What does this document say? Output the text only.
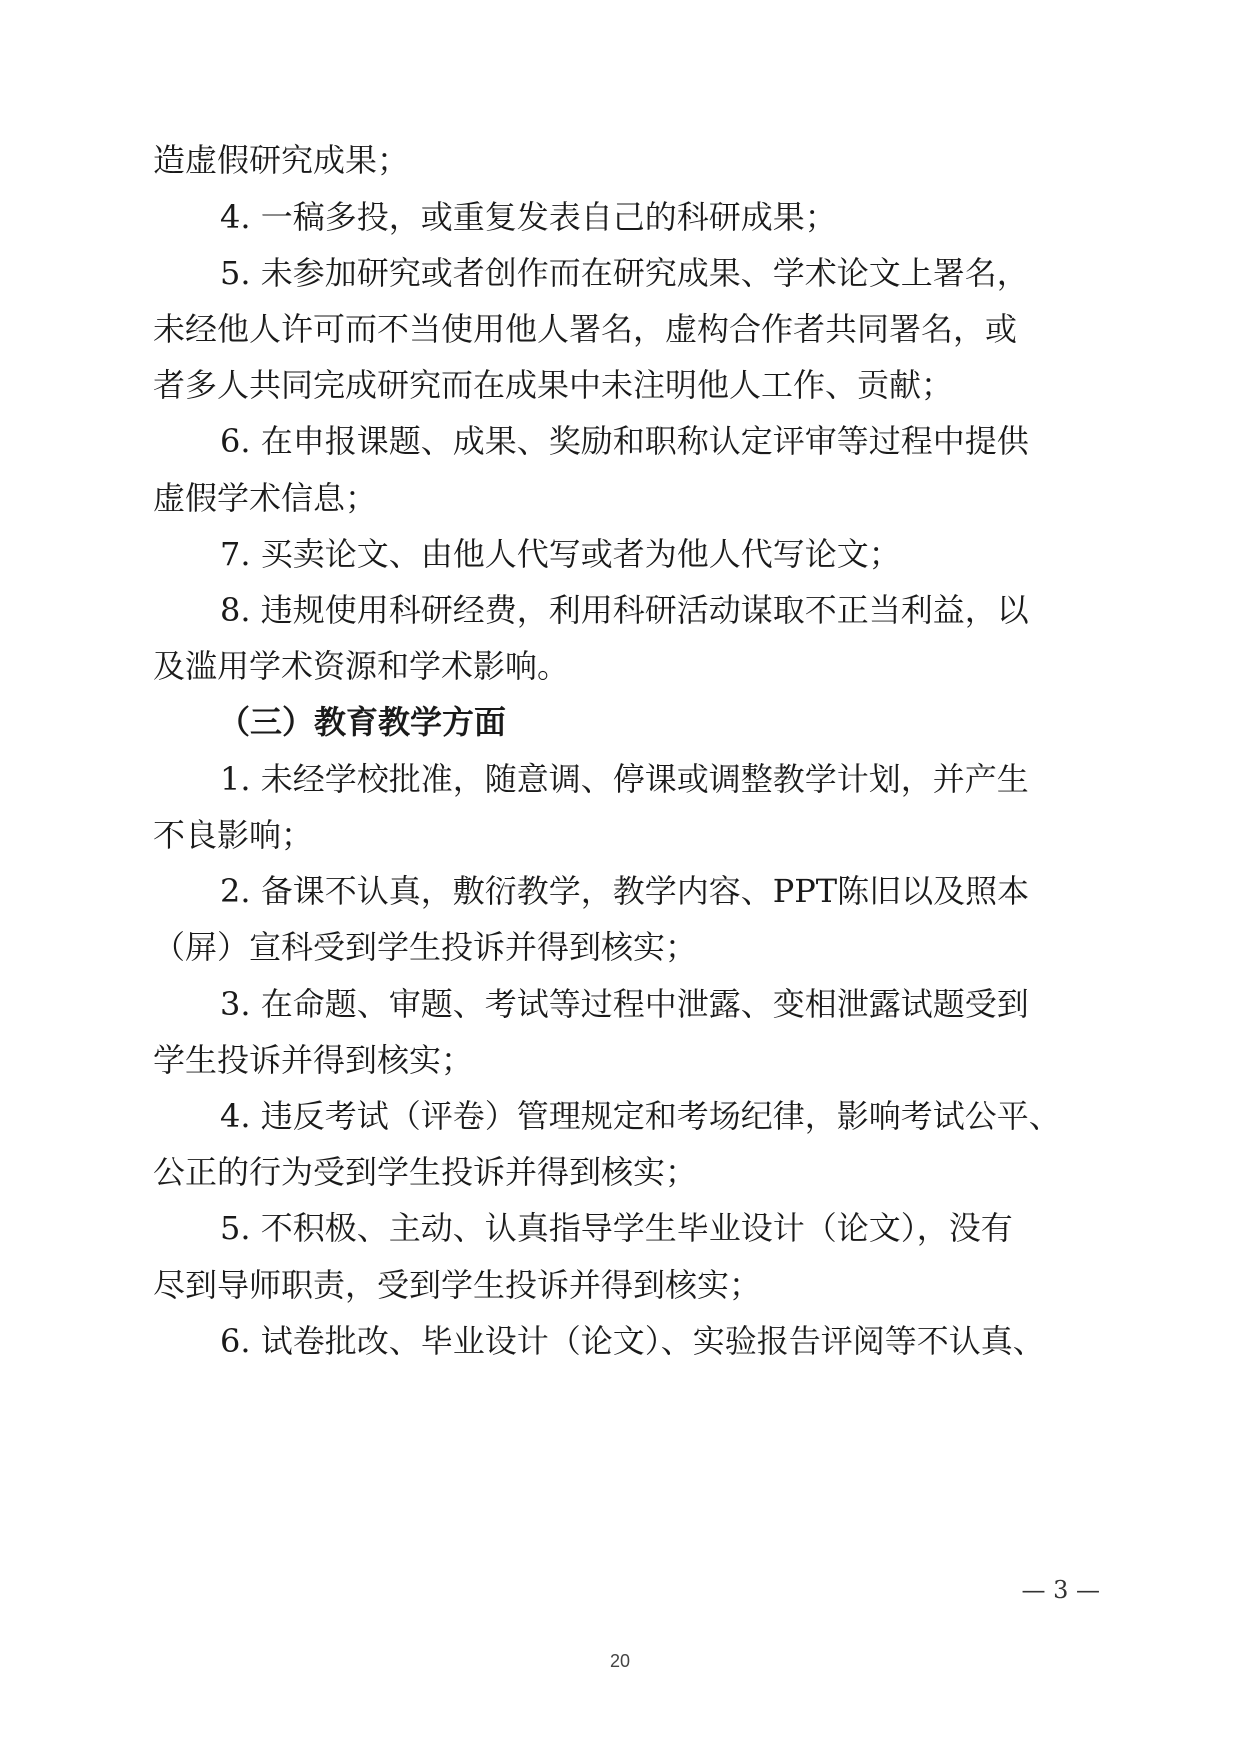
造虚假研究成果；
4. 一稿多投，或重复发表自己的科研成果；
5. 未参加研究或者创作而在研究成果、学术论文上署名，
未经他人许可而不当使用他人署名，虚构合作者共同署名，或
者多人共同完成研究而在成果中未注明他人工作、贡献；
6. 在申报课题、成果、奖励和职称认定评审等过程中提供
虚假学术信息；
7. 买卖论文、由他人代写或者为他人代写论文；
8. 违规使用科研经费，利用科研活动谋取不正当利益，以
及滥用学术资源和学术影响。
（三）教育教学方面
1. 未经学校批准，随意调、停课或调整教学计划，并产生
不良影响；
2. 备课不认真，敷衍教学，教学内容、PPT陈旧以及照本
（屏）宣科受到学生投诉并得到核实；
3. 在命题、审题、考试等过程中泄露、变相泄露试题受到
学生投诉并得到核实；
4. 违反考试（评卷）管理规定和考场纪律，影响考试公平、
公正的行为受到学生投诉并得到核实；
5. 不积极、主动、认真指导学生毕业设计（论文），没有
尽到导师职责，受到学生投诉并得到核实；
6. 试卷批改、毕业设计（论文）、实验报告评阅等不认真、
— 3 —
20
